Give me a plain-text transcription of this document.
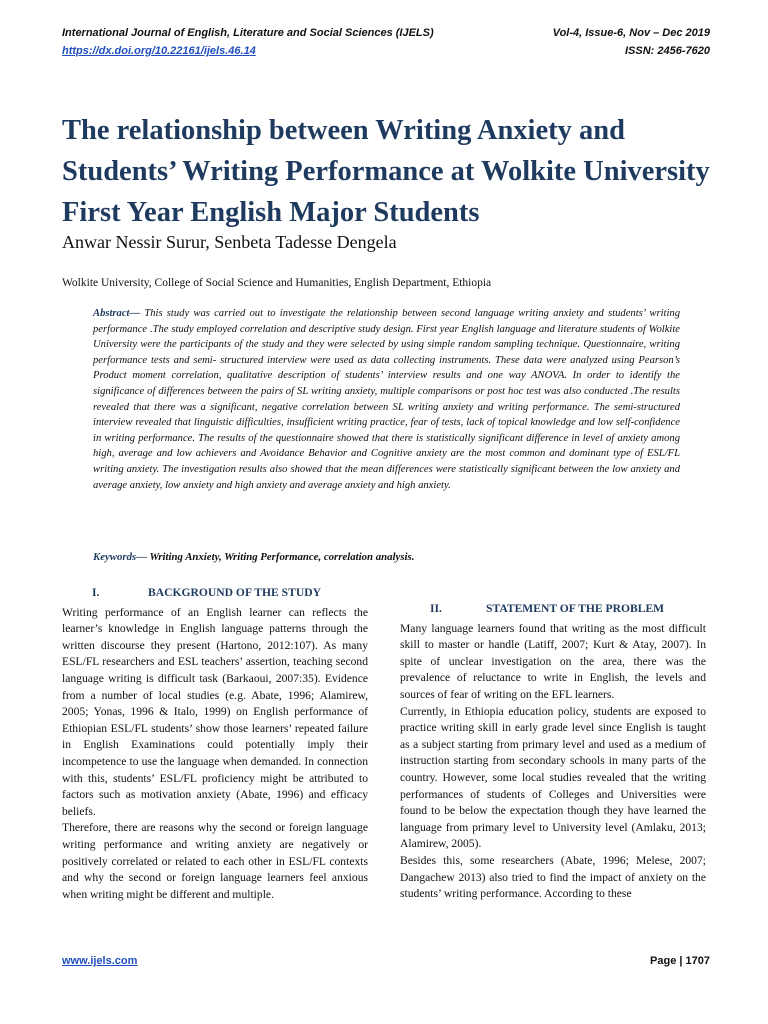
International Journal of English, Literature and Social Sciences (IJELS)	Vol-4, Issue-6, Nov – Dec 2019
https://dx.doi.org/10.22161/ijels.46.14	ISSN: 2456-7620
The relationship between Writing Anxiety and Students’ Writing Performance at Wolkite University First Year English Major Students
Anwar Nessir Surur, Senbeta Tadesse Dengela
Wolkite University, College of Social Science and Humanities, English Department, Ethiopia

Abstract— This study was carried out to investigate the relationship between second language writing anxiety and students’ writing performance .The study employed correlation and descriptive study design. First year English language and literature students of Wolkite University were the participants of the study and they were selected by using simple random sampling technique. Questionnaire, writing performance tests and semi- structured interview were used as data collecting instruments. These data were analyzed using Pearson’s Product moment correlation, qualitative description of students’ interview results and one way ANOVA. In order to identify the significance of differences between the pairs of SL writing anxiety, multiple comparisons or post hoc test was also conducted .The results revealed that there was a significant, negative correlation between SL writing anxiety and writing performance. The semi-structured interview revealed that linguistic difficulties, insufficient writing practice, fear of tests, lack of topical knowledge and low self-confidence in writing performance. The results of the questionnaire showed that there is statistically significant difference in level of anxiety among high, average and low achievers and Avoidance Behavior and Cognitive anxiety are the most common and dominant type of ESL/FL writing anxiety. The investigation results also showed that the mean differences were statistically significant between the low anxiety and average anxiety, low anxiety and high anxiety and average anxiety and high anxiety.

Keywords— Writing Anxiety, Writing Performance, correlation analysis.
I.	BACKGROUND OF THE STUDY

Writing performance of an English learner can reflects the learner’s knowledge in English language patterns through the written discourse they present (Hartono, 2012:107). As many ESL/FL researchers and ESL teachers’ assertion, teaching second language writing is difficult task (Barkaoui, 2007:35). Evidence from a number of local studies (e.g. Abate, 1996; Alamirew, 2005; Yonas, 1996 & Italo, 1999) on English performance of Ethiopian ESL/FL students’ show those learners’ repeated failure in English Examinations could potentially imply their incompetence to use the language when demanded. In connection with this, students’ ESL/FL proficiency might be attributed to factors such as motivation anxiety (Abate, 1996) and efficacy beliefs.

Therefore, there are reasons why the second or foreign language writing performance and writing anxiety are negatively or positively correlated or related to each other in ESL/FL contexts and why the second or foreign language learners feel anxious when writing might be different and multiple.

II.	STATEMENT OF THE PROBLEM

Many language learners found that writing as the most difficult skill to master or handle (Latiff, 2007; Kurt & Atay, 2007). In spite of unclear investigation on the area, there was the prevalence of reluctance to write in English, the levels and sources of fear of writing on the EFL learners.

Currently, in Ethiopia education policy, students are exposed to practice writing skill in early grade level since English is taught as a subject starting from primary level and used as a medium of instruction starting from secondary schools in many parts of the country. However, some local studies revealed that the writing performances of students of Colleges and Universities were found to be below the expectation though they have learned the language from primary level to University level (Amlaku, 2013; Alamirew, 2005).

Besides this, some researchers (Abate, 1996; Melese, 2007; Dangachew 2013) also tried to find the impact of anxiety on the students’ writing performance. According to these

www.ijels.com	Page | 1707
